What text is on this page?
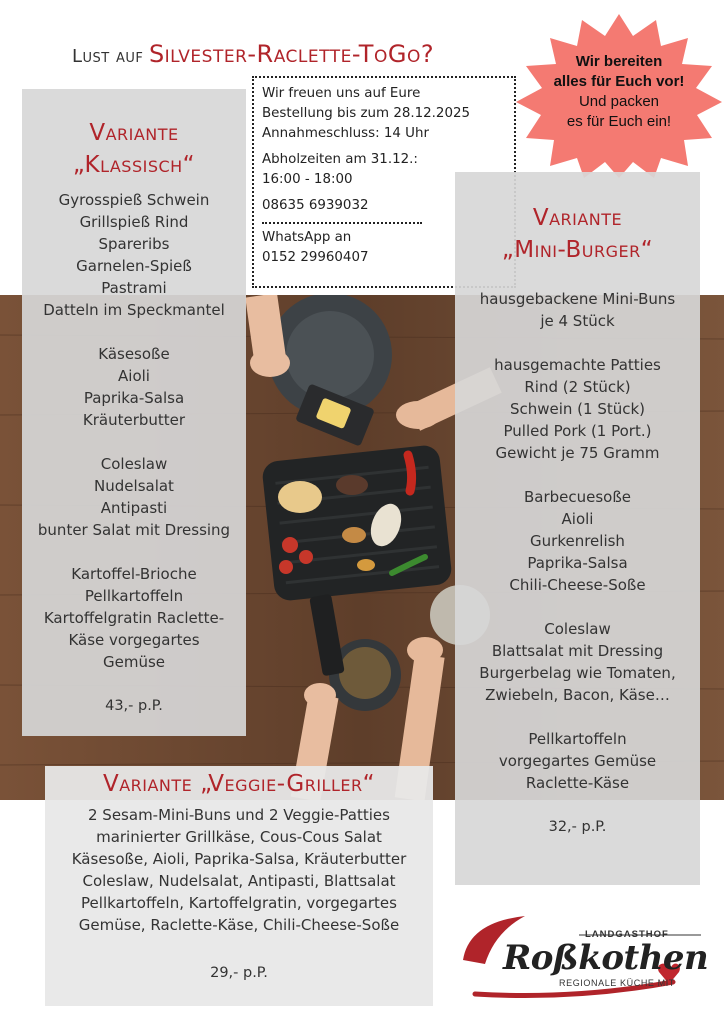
Lust auf Silvester-Raclette-ToGo?
Wir freuen uns auf Eure
Bestellung bis zum 28.12.2025
Annahmeschluss: 14 Uhr
Abholzeiten am 31.12.:
16:00 - 18:00
08635 6939032
WhatsApp an
0152 29960407
Wir bereiten
alles für Euch vor!
Und packen
es für Euch ein!
Variante
„Klassisch“
Gyrosspieß Schwein
Grillspieß Rind
Spareribs
Garnelen-Spieß
Pastrami
Datteln im Speckmantel
Käsesoße
Aioli
Paprika-Salsa
Kräuterbutter
Coleslaw
Nudelsalat
Antipasti
bunter Salat mit Dressing
Kartoffel-Brioche
Pellkartoffeln
Kartoffelgratin Raclette-
Käse vorgegartes
Gemüse
43,- p.P.
Variante
„Mini-Burger“
hausgebackene Mini-Buns
je 4 Stück
hausgemachte Patties
Rind (2 Stück)
Schwein (1 Stück)
Pulled Pork (1 Port.)
Gewicht je 75 Gramm
Barbecuesoße
Aioli
Gurkenrelish
Paprika-Salsa
Chili-Cheese-Soße
Coleslaw
Blattsalat mit Dressing
Burgerbelag wie Tomaten,
Zwiebeln, Bacon, Käse…
Pellkartoffeln
vorgegartes Gemüse
Raclette-Käse
32,- p.P.
Variante „Veggie-Griller“
2 Sesam-Mini-Buns und 2 Veggie-Patties
marinierter Grillkäse, Cous-Cous Salat
Käsesoße, Aioli, Paprika-Salsa, Kräuterbutter
Coleslaw, Nudelsalat, Antipasti, Blattsalat
Pellkartoffeln, Kartoffelgratin, vorgegartes
Gemüse, Raclette-Käse, Chili-Cheese-Soße
29,- p.P.
LANDGASTHOF
Roßkothen
REGIONALE KÜCHE MIT
